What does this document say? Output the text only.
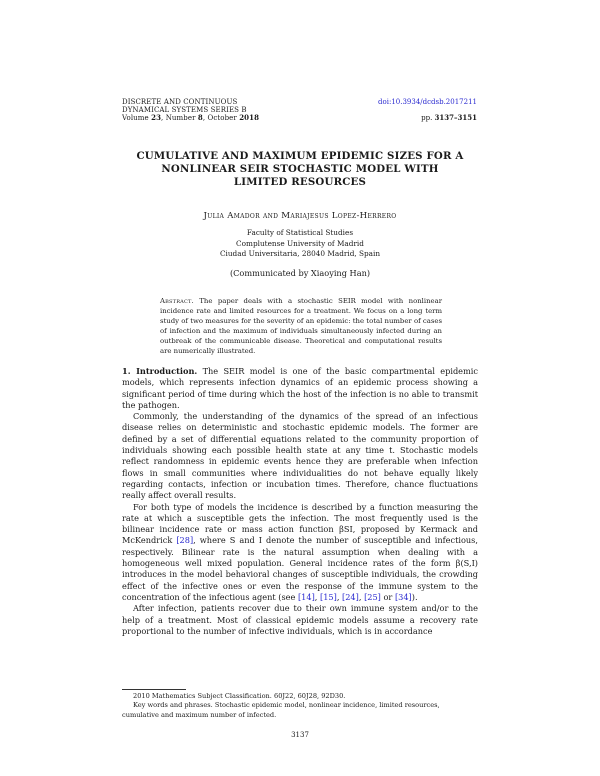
DISCRETE AND CONTINUOUS
DYNAMICAL SYSTEMS SERIES B
Volume 23, Number 8, October 2018
doi:10.3934/dcdsb.2017211
pp. 3137–3151
CUMULATIVE AND MAXIMUM EPIDEMIC SIZES FOR A
NONLINEAR SEIR STOCHASTIC MODEL WITH
LIMITED RESOURCES
Julia Amador and Mariajesus Lopez-Herrero
Faculty of Statistical Studies
Complutense University of Madrid
Ciudad Universitaria, 28040 Madrid, Spain
(Communicated by Xiaoying Han)
Abstract. The paper deals with a stochastic SEIR model with nonlinear incidence rate and limited resources for a treatment. We focus on a long term study of two measures for the severity of an epidemic: the total number of cases of infection and the maximum of individuals simultaneously infected during an outbreak of the communicable disease. Theoretical and computational results are numerically illustrated.

1. Introduction. The SEIR model is one of the basic compartmental epidemic models, which represents infection dynamics of an epidemic process showing a significant period of time during which the host of the infection is no able to transmit the pathogen.

Commonly, the understanding of the dynamics of the spread of an infectious disease relies on deterministic and stochastic epidemic models. The former are defined by a set of differential equations related to the community proportion of individuals showing each possible health state at any time t. Stochastic models reflect randomness in epidemic events hence they are preferable when infection flows in small communities where individualities do not behave equally likely regarding contacts, infection or incubation times. Therefore, chance fluctuations really affect overall results.

For both type of models the incidence is described by a function measuring the rate at which a susceptible gets the infection. The most frequently used is the bilinear incidence rate or mass action function βSI, proposed by Kermack and McKendrick [28], where S and I denote the number of susceptible and infectious, respectively. Bilinear rate is the natural assumption when dealing with a homogeneous well mixed population. General incidence rates of the form β(S,I) introduces in the model behavioral changes of susceptible individuals, the crowding effect of the infective ones or even the response of the immune system to the concentration of the infectious agent (see [14], [15], [24], [25] or [34]).

After infection, patients recover due to their own immune system and/or to the help of a treatment. Most of classical epidemic models assume a recovery rate proportional to the number of infective individuals, which is in accordance

2010 Mathematics Subject Classification. 60J22, 60J28, 92D30.

Key words and phrases. Stochastic epidemic model, nonlinear incidence, limited resources, cumulative and maximum number of infected.

3137
